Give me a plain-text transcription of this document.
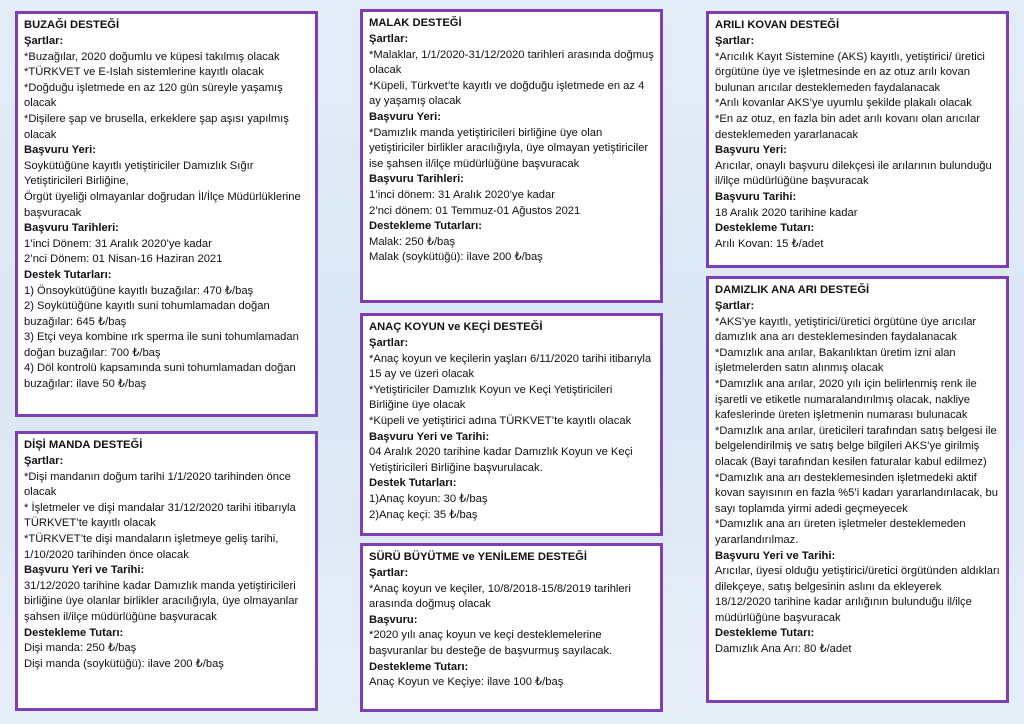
BUZAĞI DESTEĞİ
Şartlar:
*Buzağılar, 2020 doğumlu ve küpesi takılmış olacak
*TÜRKVET ve E-Islah sistemlerine kayıtlı olacak
*Doğduğu işletmede en az 120 gün süreyle yaşamış olacak
*Dişilere şap ve brusella, erkeklere şap aşısı yapılmış olacak
Başvuru Yeri:
Soykütüğüne kayıtlı yetiştiriciler Damızlık Sığır Yetiştiricileri Birliğine,
Örgüt üyeliği olmayanlar doğrudan İl/İlçe Müdürlüklerine başvuracak
Başvuru Tarihleri:
1’inci Dönem: 31 Aralık 2020’ye kadar
2’nci Dönem: 01 Nisan-16 Haziran 2021
Destek Tutarları:
1) Önsoykütüğüne kayıtlı buzağılar: 470 ₺/baş
2) Soykütüğüne kayıtlı suni tohumlamadan doğan buzağılar: 645 ₺/baş
3) Etçi veya kombine ırk sperma ile suni tohumlamadan doğan buzağılar: 700 ₺/baş
4) Döl kontrolü kapsamında suni tohumlamadan doğan buzağılar: ilave 50 ₺/baş
DİŞİ MANDA DESTEĞİ
Şartlar:
*Dişi mandanın doğum tarihi 1/1/2020 tarihinden önce olacak
* İşletmeler ve dişi mandalar 31/12/2020 tarihi itibarıyla TÜRKVET’te kayıtlı olacak
*TÜRKVET’te dişi mandaların işletmeye geliş tarihi, 1/10/2020 tarihinden önce olacak
Başvuru Yeri ve Tarihi:
31/12/2020 tarihine kadar Damızlık manda yetiştiricileri birliğine üye olanlar birlikler aracılığıyla, üye olmayanlar şahsen il/ilçe müdürlüğüne başvuracak
Destekleme Tutarı:
Dişi manda: 250 ₺/baş
Dişi manda (soykütüğü): ilave 200 ₺/baş
MALAK DESTEĞİ
Şartlar:
*Malaklar, 1/1/2020-31/12/2020 tarihleri arasında doğmuş olacak
*Küpeli, Türkvet’te kayıtlı ve doğduğu işletmede en az 4 ay yaşamış olacak
Başvuru Yeri:
*Damızlık manda yetiştiricileri birliğine üye olan yetiştiriciler birlikler aracılığıyla, üye olmayan yetiştiriciler ise şahsen il/ilçe müdürlüğüne başvuracak
Başvuru Tarihleri:
1’inci dönem: 31 Aralık 2020’ye kadar
2’nci dönem: 01 Temmuz-01 Ağustos 2021
Destekleme Tutarları:
Malak: 250 ₺/baş
Malak (soykütüğü): ilave 200 ₺/baş
ANAÇ KOYUN ve KEÇİ DESTEĞİ
Şartlar:
*Anaç koyun ve keçilerin yaşları 6/11/2020 tarihi itibarıyla 15 ay ve üzeri olacak
*Yetiştiriciler Damızlık Koyun ve Keçi Yetiştiricileri Birliğine üye olacak
*Küpeli ve yetiştirici adına TÜRKVET’te kayıtlı olacak
Başvuru Yeri ve Tarihi:
04 Aralık 2020 tarihine kadar Damızlık Koyun ve Keçi Yetiştiricileri Birliğine başvurulacak.
Destek Tutarları:
1)Anaç koyun: 30 ₺/baş
2)Anaç keçi: 35 ₺/baş
SÜRÜ BÜYÜTME ve YENİLEME DESTEĞİ
Şartlar:
*Anaç koyun ve keçiler, 10/8/2018-15/8/2019 tarihleri arasında doğmuş olacak
Başvuru:
*2020 yılı anaç koyun ve keçi desteklemelerine başvuranlar bu desteğe de başvurmuş sayılacak.
Destekleme Tutarı:
Anaç Koyun ve Keçiye: ilave 100 ₺/baş
ARILI KOVAN DESTEĞİ
Şartlar:
*Arıcılık Kayıt Sistemine (AKS) kayıtlı, yetiştirici/ üretici örgütüne üye ve işletmesinde en az otuz arılı kovan bulunan arıcılar desteklemeden faydalanacak
*Arılı kovanlar AKS’ye uyumlu şekilde plakalı olacak
*En az otuz, en fazla bin adet arılı kovanı olan arıcılar desteklemeden yararlanacak
Başvuru Yeri:
Arıcılar, onaylı başvuru dilekçesi ile arılarının bulunduğu il/ilçe müdürlüğüne başvuracak
Başvuru Tarihi:
18 Aralık 2020 tarihine kadar
Destekleme Tutarı:
Arılı Kovan: 15 ₺/adet
DAMIZLIK ANA ARI DESTEĞİ
Şartlar:
*AKS’ye kayıtlı, yetiştirici/üretici örgütüne üye arıcılar damızlık ana arı desteklemesinden faydalanacak
*Damızlık ana arılar, Bakanlıktan üretim izni alan işletmelerden satın alınmış olacak
*Damızlık ana arılar, 2020 yılı için belirlenmiş renk ile işaretli ve etiketle numaralandırılmış olacak, nakliye kafeslerinde üreten işletmenin numarası bulunacak
*Damızlık ana arılar, üreticileri tarafından satış belgesi ile belgelendirilmiş ve satış belge bilgileri AKS’ye girilmiş olacak (Bayi tarafından kesilen faturalar kabul edilmez)
*Damızlık ana arı desteklemesinden işletmedeki aktif kovan sayısının en fazla %5’i kadarı yararlandırılacak, bu sayı toplamda yirmi adedi geçmeyecek
*Damızlık ana arı üreten işletmeler desteklemeden yararlandırılmaz.
Başvuru Yeri ve Tarihi:
Arıcılar, üyesi olduğu yetiştirici/üretici örgütünden aldıkları dilekçeye, satış belgesinin aslını da ekleyerek 18/12/2020 tarihine kadar arılığının bulunduğu il/ilçe müdürlüğüne başvuracak
Destekleme Tutarı:
Damızlık Ana Arı: 80 ₺/adet
